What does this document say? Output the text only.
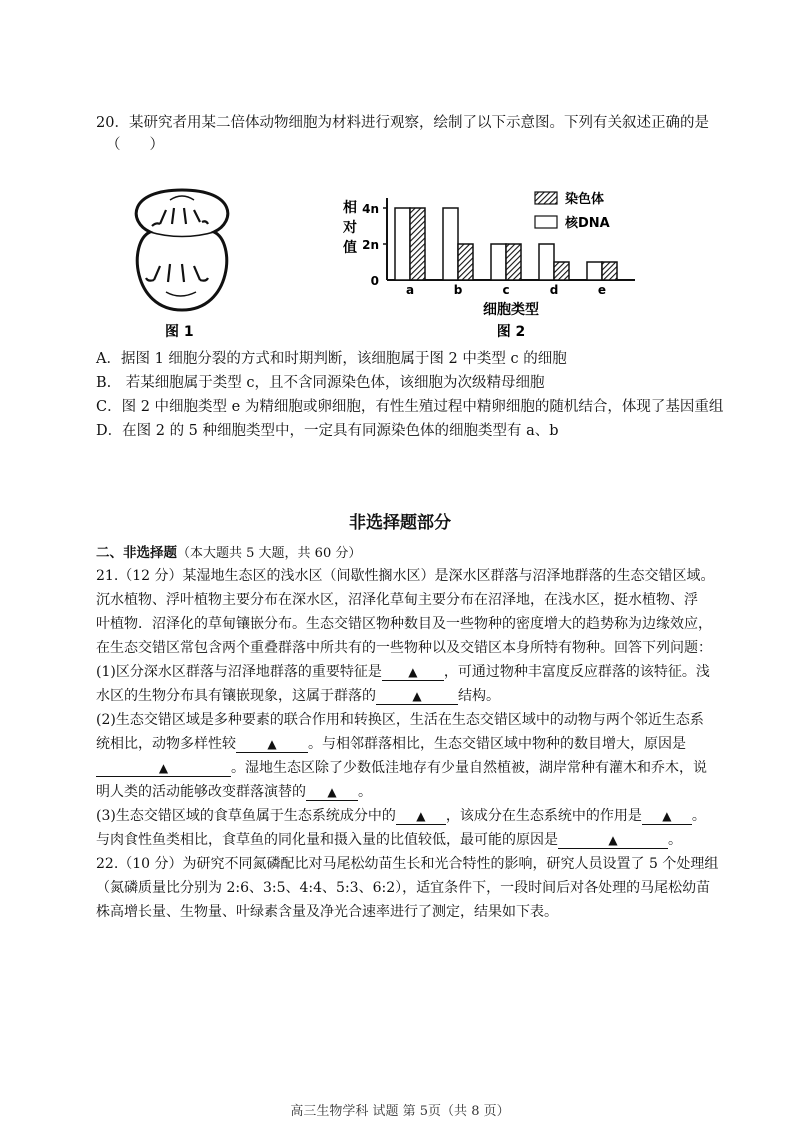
20．某研究者用某二倍体动物细胞为材料进行观察，绘制了以下示意图。下列有关叙述正确的是
（　　）
图 1
0
2n
4n
相
对
值
a	b	c	d	e
细胞类型
图 2
染色体
核DNA
A．据图 1 细胞分裂的方式和时期判断，该细胞属于图 2 中类型 c 的细胞
B.　若某细胞属于类型 c，且不含同源染色体，该细胞为次级精母细胞
C．图 2 中细胞类型 e 为精细胞或卵细胞，有性生殖过程中精卵细胞的随机结合，体现了基因重组
D．在图 2 的 5 种细胞类型中，一定具有同源染色体的细胞类型有 a、b
非选择题部分
二、非选择题（本大题共 5 大题，共 60 分）
21.（12 分）某湿地生态区的浅水区（间歇性搁水区）是深水区群落与沼泽地群落的生态交错区域。
沉水植物、浮叶植物主要分布在深水区，沼泽化草甸主要分布在沼泽地，在浅水区，挺水植物、浮
叶植物．沼泽化的草甸镶嵌分布。生态交错区物种数目及一些物种的密度增大的趋势称为边缘效应，
在生态交错区常包含两个重叠群落中所共有的一些物种以及交错区本身所特有物种。回答下列问题：
(1)区分深水区群落与沼泽地群落的重要特征是 ▲ ，可通过物种丰富度反应群落的该特征。浅
水区的生物分布具有镶嵌现象，这属于群落的	▲	结构。
(2)生态交错区域是多种要素的联合作用和转换区，生活在生态交错区域中的动物与两个邻近生态系
统相比，动物多样性较	▲ 。与相邻群落相比，生态交错区域中物种的数目增大，原因是
▲	。湿地生态区除了少数低洼地存有少量自然植被，湖岸常种有灌木和乔木，说
明人类的活动能够改变群落演替的 ▲ 。
(3)生态交错区域的食草鱼属于生态系统成分中的 ▲ ，该成分在生态系统中的作用是 ▲ 。
与肉食性鱼类相比，食草鱼的同化量和摄入量的比值较低，最可能的原因是	▲	。
22.（10 分）为研究不同氮磷配比对马尾松幼苗生长和光合特性的影响，研究人员设置了 5 个处理组
（氮磷质量比分别为 2:6、3:5、4:4、5:3、6:2），适宜条件下，一段时间后对各处理的马尾松幼苗
株高增长量、生物量、叶绿素含量及净光合速率进行了测定，结果如下表。
高三生物学科 试题 第 5页（共 8 页）
